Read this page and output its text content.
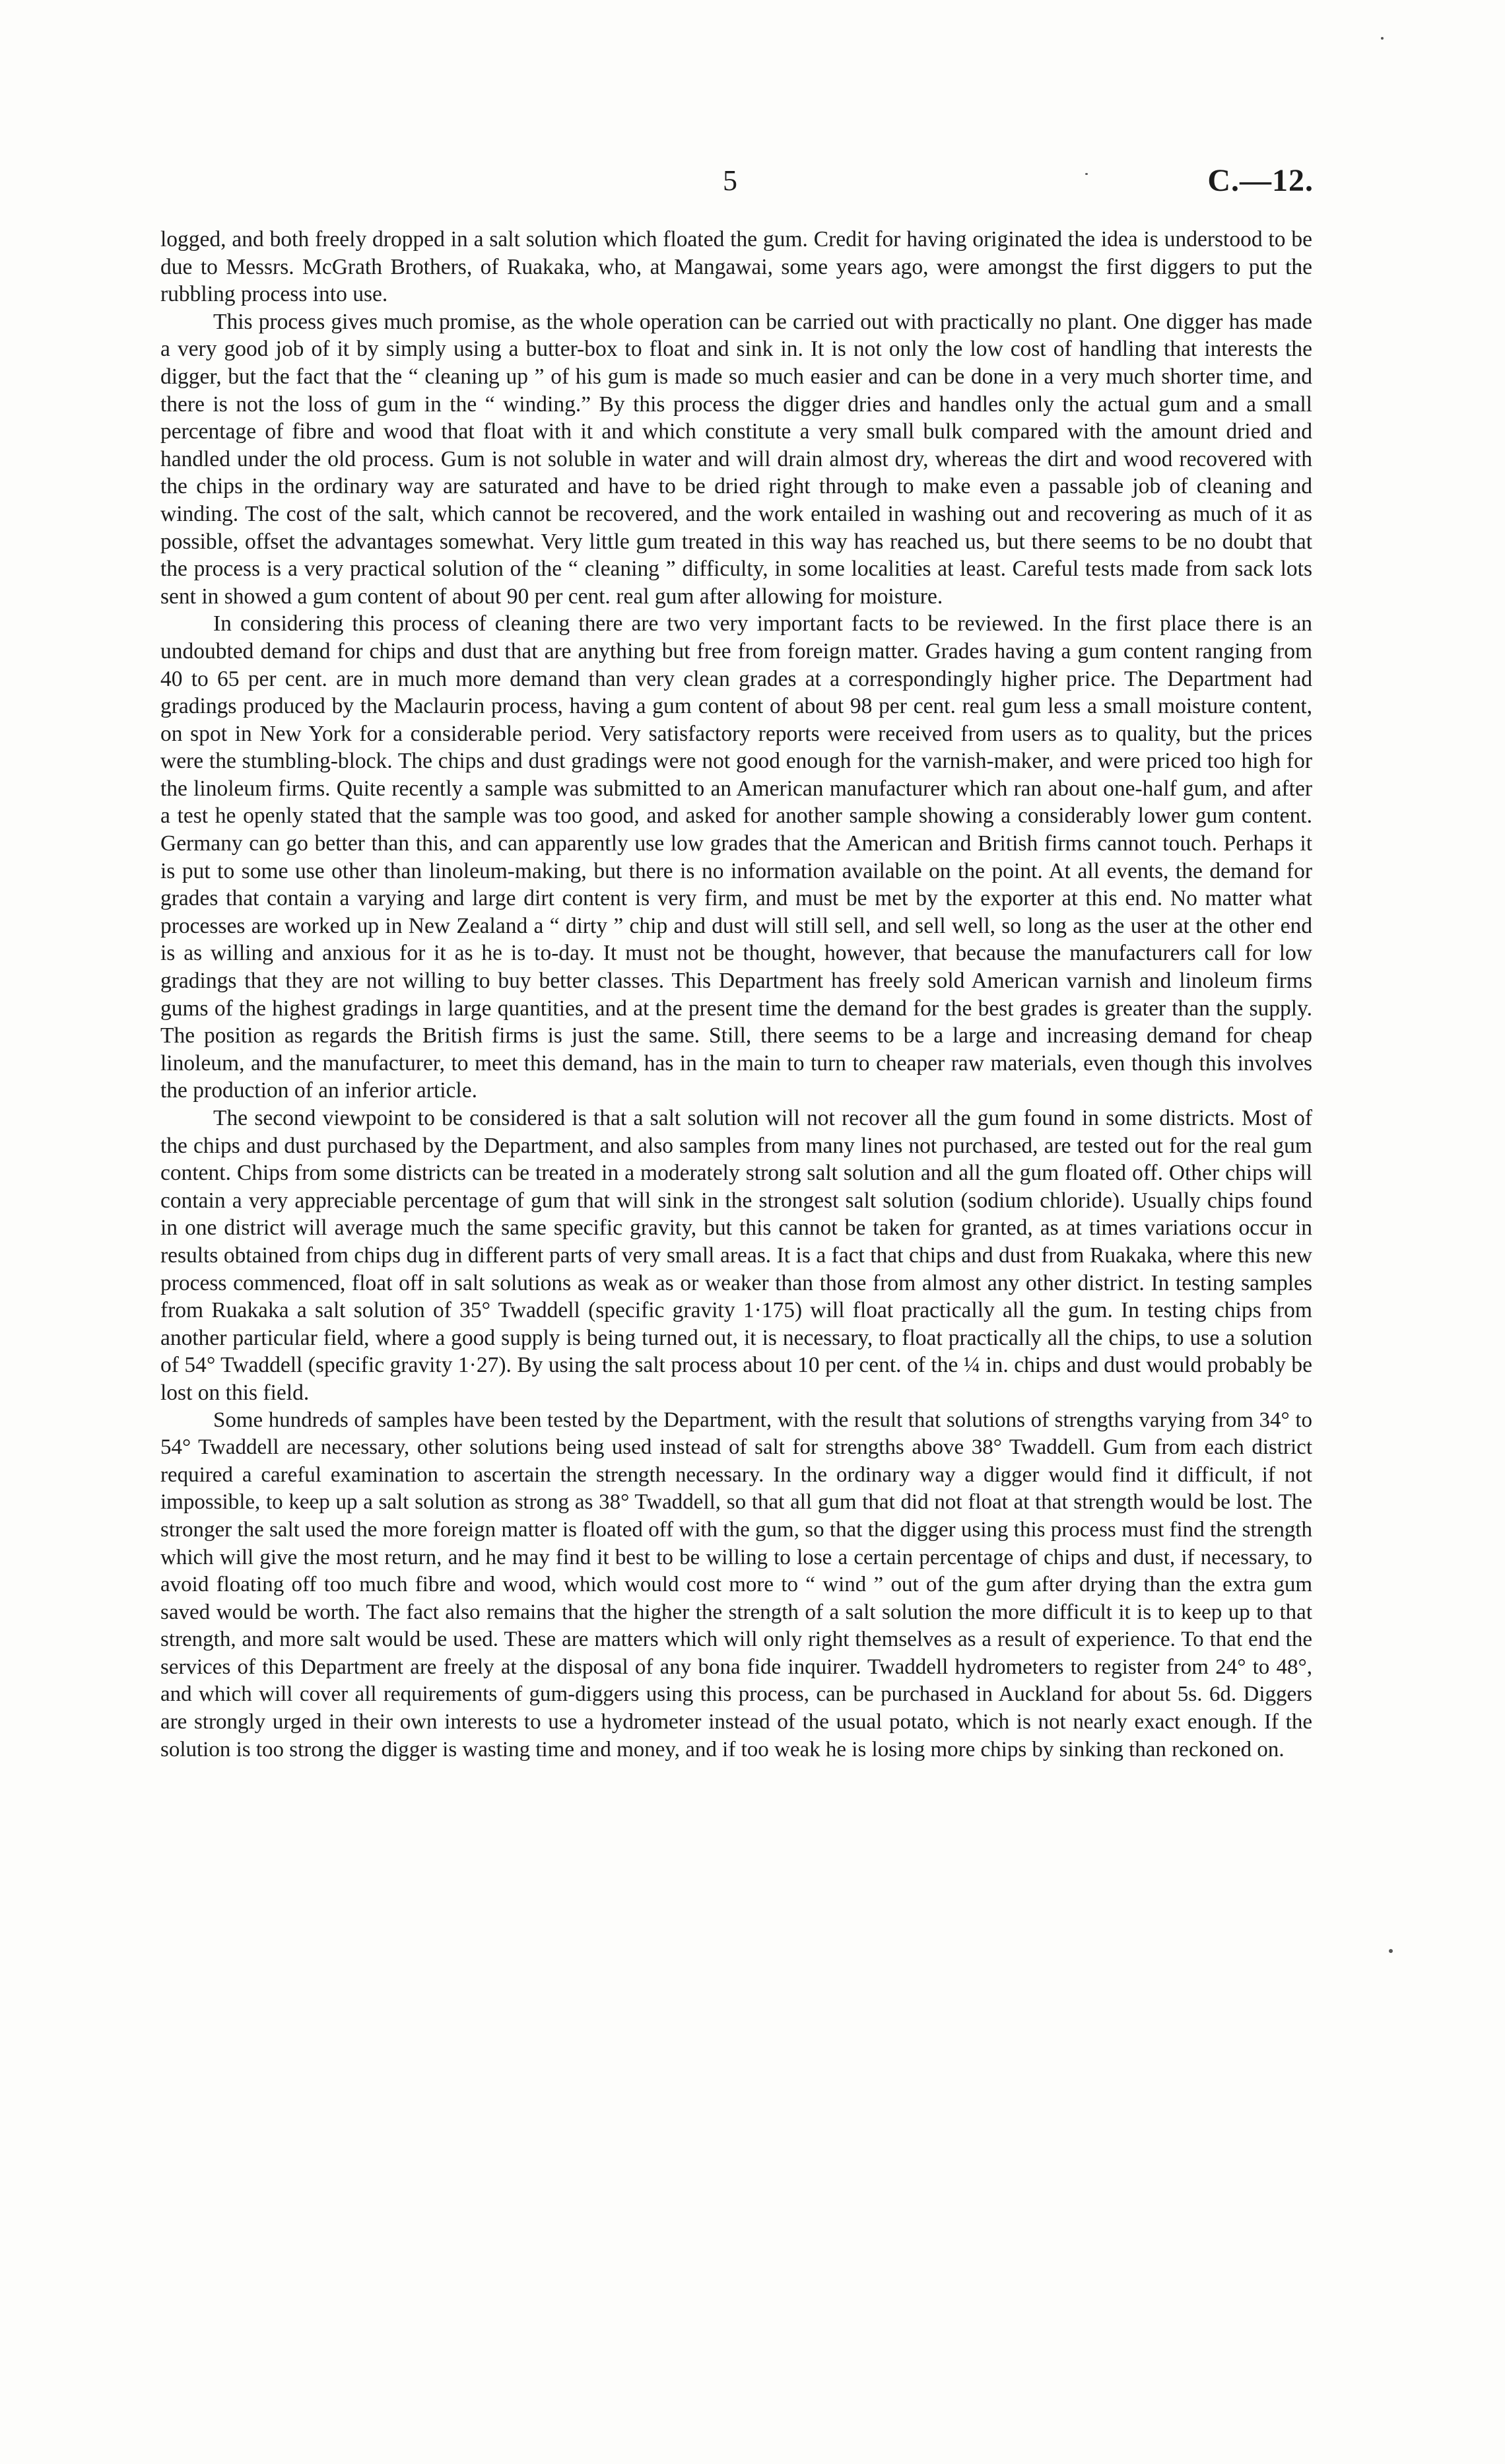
5	C.—12.

logged, and both freely dropped in a salt solution which floated the gum. Credit for having originated the idea is understood to be due to Messrs. McGrath Brothers, of Ruakaka, who, at Mangawai, some years ago, were amongst the first diggers to put the rubbling process into use.

This process gives much promise, as the whole operation can be carried out with practically no plant. One digger has made a very good job of it by simply using a butter-box to float and sink in. It is not only the low cost of handling that interests the digger, but the fact that the “ cleaning up ” of his gum is made so much easier and can be done in a very much shorter time, and there is not the loss of gum in the “ winding.” By this process the digger dries and handles only the actual gum and a small percentage of fibre and wood that float with it and which constitute a very small bulk compared with the amount dried and handled under the old process. Gum is not soluble in water and will drain almost dry, whereas the dirt and wood recovered with the chips in the ordinary way are saturated and have to be dried right through to make even a passable job of cleaning and winding. The cost of the salt, which cannot be recovered, and the work entailed in washing out and recovering as much of it as possible, offset the advantages somewhat. Very little gum treated in this way has reached us, but there seems to be no doubt that the process is a very practical solution of the “ cleaning ” difficulty, in some localities at least. Careful tests made from sack lots sent in showed a gum content of about 90 per cent. real gum after allowing for moisture.

In considering this process of cleaning there are two very important facts to be reviewed. In the first place there is an undoubted demand for chips and dust that are anything but free from foreign matter. Grades having a gum content ranging from 40 to 65 per cent. are in much more demand than very clean grades at a correspondingly higher price. The Department had gradings produced by the Maclaurin process, having a gum content of about 98 per cent. real gum less a small moisture content, on spot in New York for a considerable period. Very satisfactory reports were received from users as to quality, but the prices were the stumbling-block. The chips and dust gradings were not good enough for the varnish-maker, and were priced too high for the linoleum firms. Quite recently a sample was submitted to an American manufacturer which ran about one-half gum, and after a test he openly stated that the sample was too good, and asked for another sample showing a considerably lower gum content. Germany can go better than this, and can apparently use low grades that the American and British firms cannot touch. Perhaps it is put to some use other than linoleum-making, but there is no information available on the point. At all events, the demand for grades that contain a varying and large dirt content is very firm, and must be met by the exporter at this end. No matter what processes are worked up in New Zealand a “ dirty ” chip and dust will still sell, and sell well, so long as the user at the other end is as willing and anxious for it as he is to-day. It must not be thought, however, that because the manufacturers call for low gradings that they are not willing to buy better classes. This Department has freely sold American varnish and linoleum firms gums of the highest gradings in large quantities, and at the present time the demand for the best grades is greater than the supply. The position as regards the British firms is just the same. Still, there seems to be a large and increasing demand for cheap linoleum, and the manufacturer, to meet this demand, has in the main to turn to cheaper raw materials, even though this involves the production of an inferior article.

The second viewpoint to be considered is that a salt solution will not recover all the gum found in some districts. Most of the chips and dust purchased by the Department, and also samples from many lines not purchased, are tested out for the real gum content. Chips from some districts can be treated in a moderately strong salt solution and all the gum floated off. Other chips will contain a very appreciable percentage of gum that will sink in the strongest salt solution (sodium chloride). Usually chips found in one district will average much the same specific gravity, but this cannot be taken for granted, as at times variations occur in results obtained from chips dug in different parts of very small areas. It is a fact that chips and dust from Ruakaka, where this new process commenced, float off in salt solutions as weak as or weaker than those from almost any other district. In testing samples from Ruakaka a salt solution of 35° Twaddell (specific gravity 1·175) will float practically all the gum. In testing chips from another particular field, where a good supply is being turned out, it is necessary, to float practically all the chips, to use a solution of 54° Twaddell (specific gravity 1·27). By using the salt process about 10 per cent. of the ¼ in. chips and dust would probably be lost on this field.

Some hundreds of samples have been tested by the Department, with the result that solutions of strengths varying from 34° to 54° Twaddell are necessary, other solutions being used instead of salt for strengths above 38° Twaddell. Gum from each district required a careful examination to ascertain the strength necessary. In the ordinary way a digger would find it difficult, if not impossible, to keep up a salt solution as strong as 38° Twaddell, so that all gum that did not float at that strength would be lost. The stronger the salt used the more foreign matter is floated off with the gum, so that the digger using this process must find the strength which will give the most return, and he may find it best to be willing to lose a certain percentage of chips and dust, if necessary, to avoid floating off too much fibre and wood, which would cost more to “ wind ” out of the gum after drying than the extra gum saved would be worth. The fact also remains that the higher the strength of a salt solution the more difficult it is to keep up to that strength, and more salt would be used. These are matters which will only right themselves as a result of experience. To that end the services of this Department are freely at the disposal of any bona fide inquirer. Twaddell hydrometers to register from 24° to 48°, and which will cover all requirements of gum-diggers using this process, can be purchased in Auckland for about 5s. 6d. Diggers are strongly urged in their own interests to use a hydrometer instead of the usual potato, which is not nearly exact enough. If the solution is too strong the digger is wasting time and money, and if too weak he is losing more chips by sinking than reckoned on.
